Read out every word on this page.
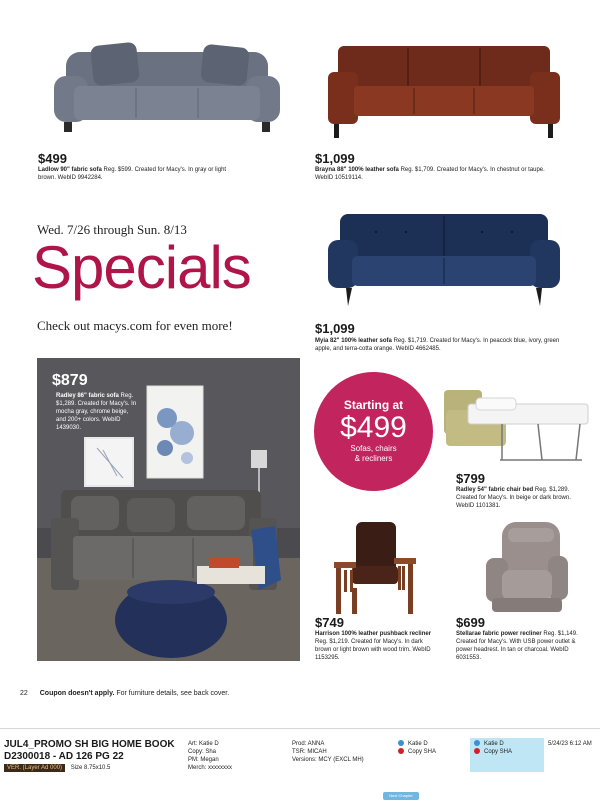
$499
Ladlow 90" fabric sofa Reg. $599. Created for Macy's. In gray or light brown. WebID 9942284.
$1,099
Brayna 88" 100% leather sofa Reg. $1,709. Created for Macy's. In chestnut or taupe. WebID 10519114.
Wed. 7/26 through Sun. 8/13
Specials
Check out macys.com for even more!	$1,099
Myia 82" 100% leather sofa Reg. $1,719. Created for Macy's. In peacock blue, ivory, green apple, and terra-cotta orange. WebID 4662485.
$879
Radley 86" fabric sofa Reg. $1,289. Created for Macy's. In mocha gray, chrome beige, and 200+ colors. WebID 1439030.
Starting at
$499
Sofas, chairs
& recliners
$799
Radley 54" fabric chair bed Reg. $1,289. Created for Macy's. In beige or dark brown. WebID 1101381.
$749
Harrison 100% leather pushback recliner Reg. $1,219. Created for Macy's. In dark brown or light brown with wood trim. WebID 1153295.
$699
Stellarae fabric power recliner Reg. $1,149. Created for Macy's. With USB power outlet & power headrest. In tan or charcoal. WebID 6031553.
22 Coupon doesn't apply. For furniture details, see back cover.
JUL4_PROMO SH BIG HOME BOOK
D2300018 - AD 126 PG 22
VER. (Layer Ad 000) Size 8.75x10.5
Art: Katie D
Copy: Sha
PM: Megan
Merch: xxxxxxxx
Prod: ANNA
TSR: MICAH
Versions: MCY (EXCL MH)
Katie D
Copy SHA
Katie D
Copy SHA
5/24/23 6:12 AM
Next Chapter
